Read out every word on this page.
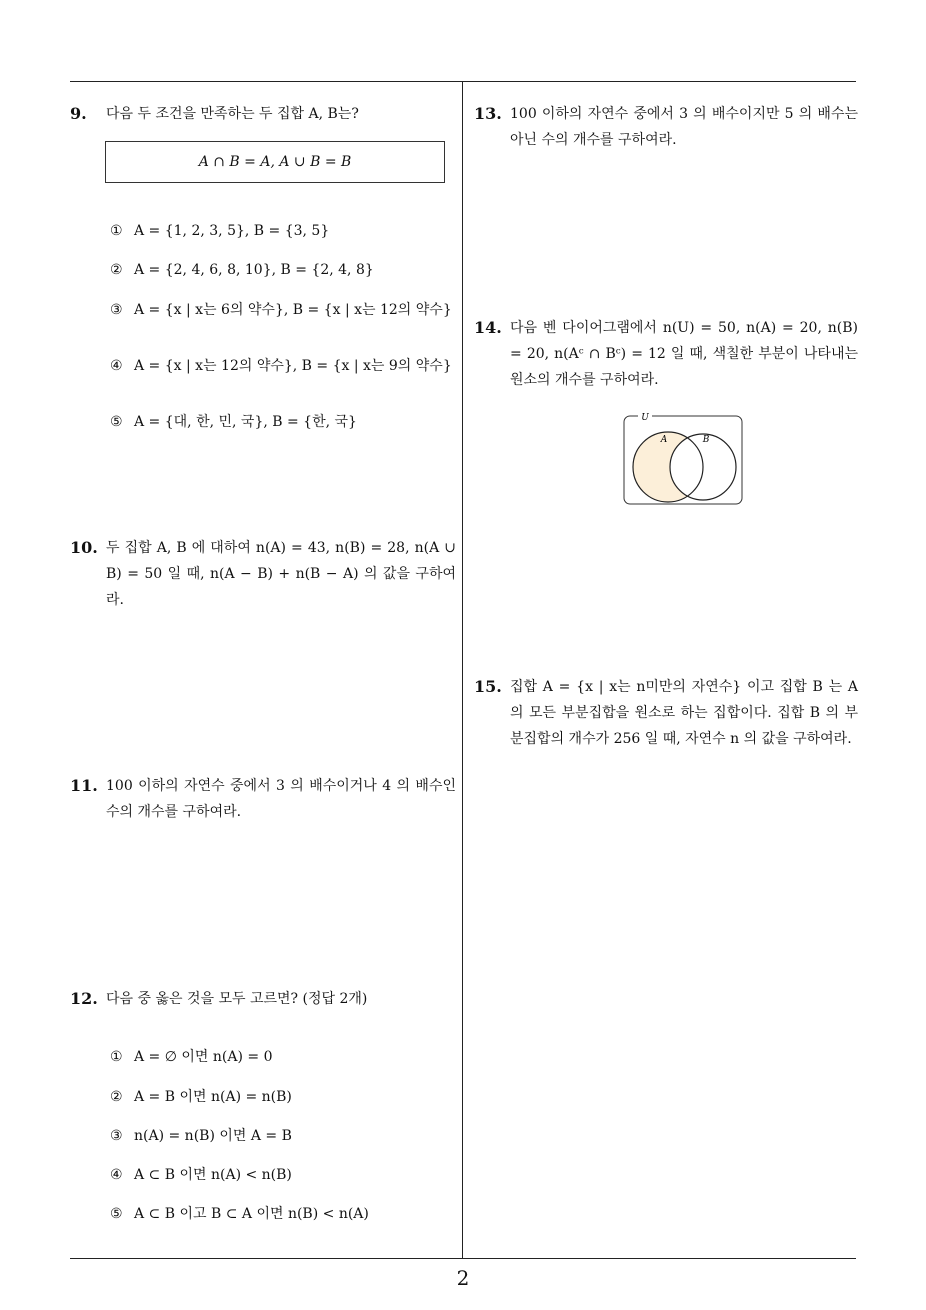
9. 다음 두 조건을 만족하는 두 집합 A, B는?
A ∩ B = A, A ∪ B = B
① A = {1, 2, 3, 5}, B = {3, 5}
② A = {2, 4, 6, 8, 10}, B = {2, 4, 8}
③ A = {x | x는 6의 약수}, B = {x | x는 12의 약수}
④ A = {x | x는 12의 약수}, B = {x | x는 9의 약수}
⑤ A = {대, 한, 민, 국}, B = {한, 국}
10. 두 집합 A, B 에 대하여 n(A) = 43, n(B) = 28, n(A ∪ B) = 50 일 때, n(A − B) + n(B − A) 의 값을 구하여라.
11. 100 이하의 자연수 중에서 3 의 배수이거나 4 의 배수인 수의 개수를 구하여라.
12. 다음 중 옳은 것을 모두 고르면? (정답 2개)
① A = ∅ 이면 n(A) = 0
② A = B 이면 n(A) = n(B)
③ n(A) = n(B) 이면 A = B
④ A ⊂ B 이면 n(A) < n(B)
⑤ A ⊂ B 이고 B ⊂ A 이면 n(B) < n(A)
13. 100 이하의 자연수 중에서 3 의 배수이지만 5 의 배수는 아닌 수의 개수를 구하여라.
14. 다음 벤 다이어그램에서 n(U) = 50, n(A) = 20, n(B) = 20, n(Aᶜ ∩ Bᶜ) = 12 일 때, 색칠한 부분이 나타내는 원소의 개수를 구하여라.
U
A	B
15. 집합 A = {x | x는 n미만의 자연수} 이고 집합 B 는 A 의 모든 부분집합을 원소로 하는 집합이다. 집합 B 의 부분집합의 개수가 256 일 때, 자연수 n 의 값을 구하여라.
2
